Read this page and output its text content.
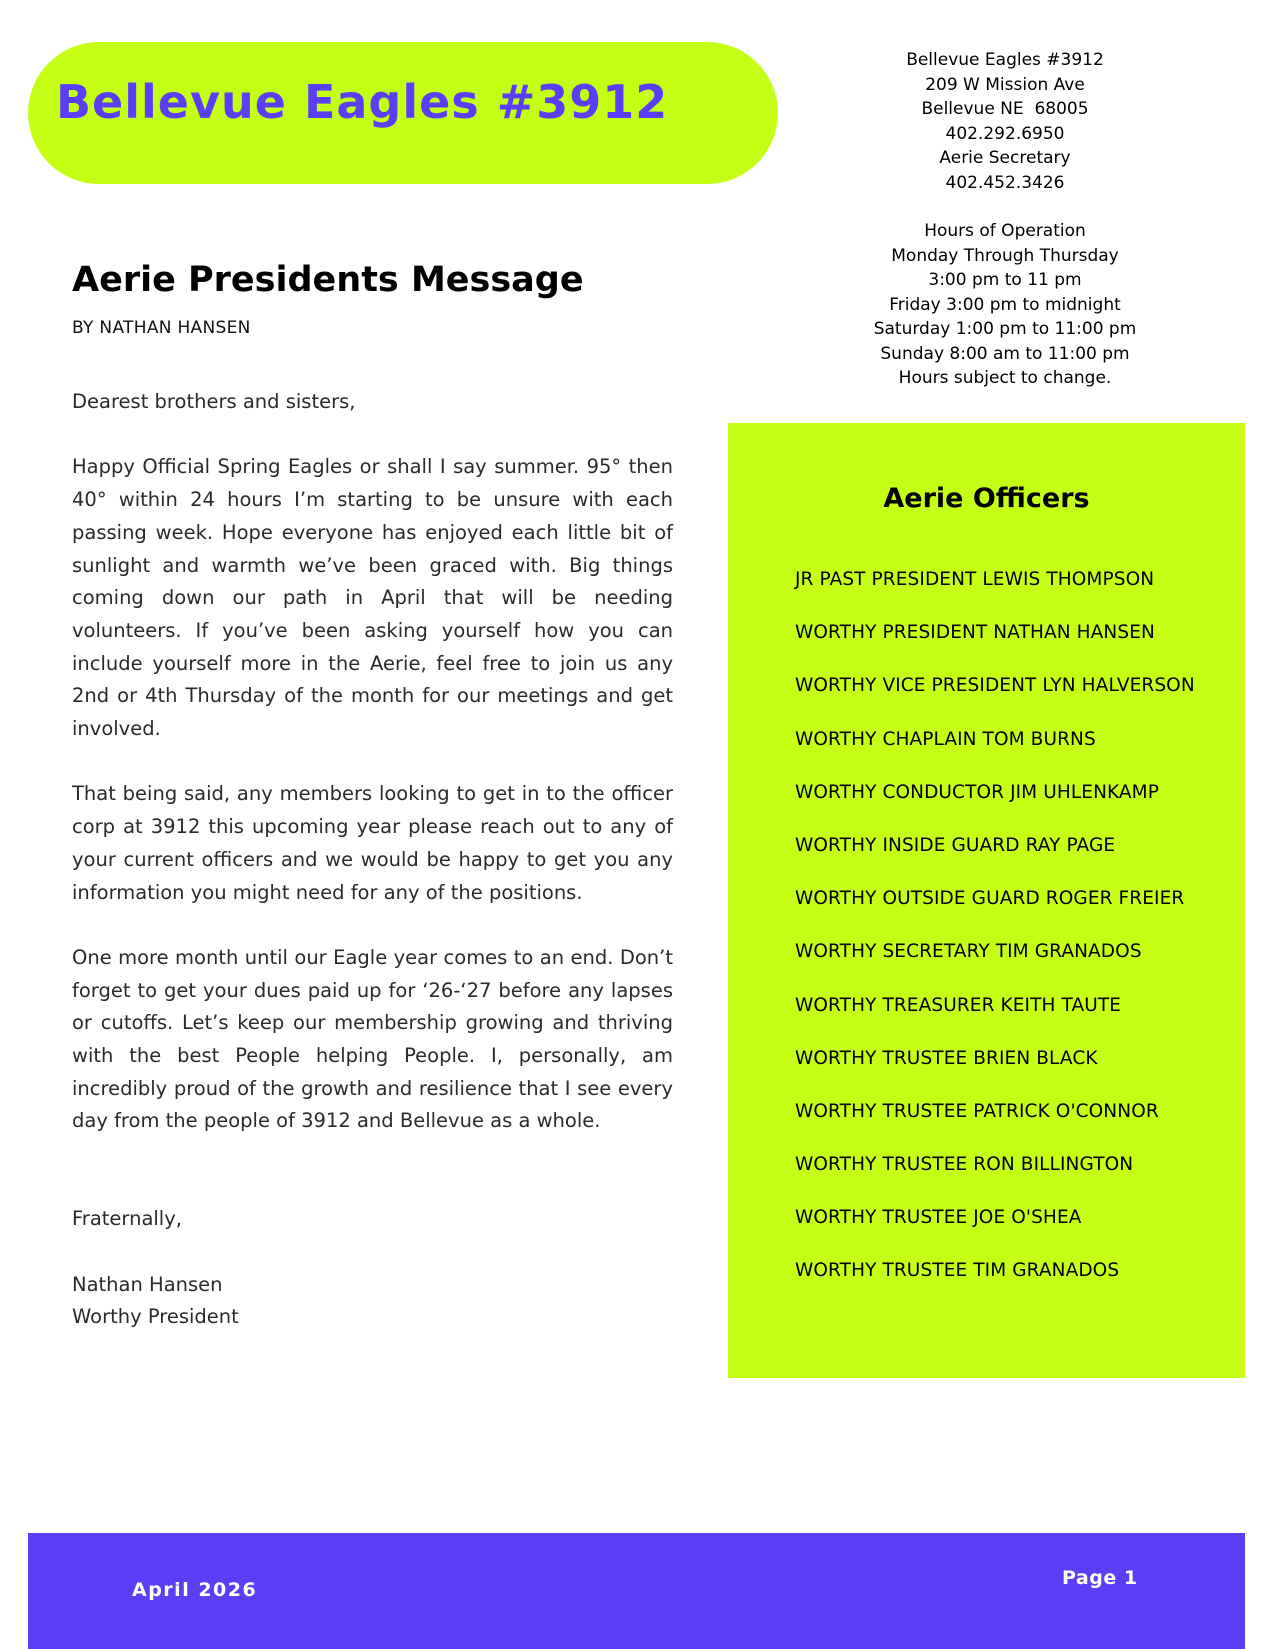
Bellevue Eagles #3912
Bellevue Eagles #3912
209 W Mission Ave
Bellevue NE  68005
402.292.6950
Aerie Secretary
402.452.3426
Hours of Operation
Monday Through Thursday
3:00 pm to 11 pm
Friday 3:00 pm to midnight
Saturday 1:00 pm to 11:00 pm
Sunday 8:00 am to 11:00 pm
Hours subject to change.
Aerie Presidents Message
BY NATHAN HANSEN

Dearest brothers and sisters,

Happy Official Spring Eagles or shall I say summer. 95° then 40° within 24 hours I’m starting to be unsure with each passing week. Hope everyone has enjoyed each little bit of sunlight and warmth we’ve been graced with. Big things coming down our path in April that will be needing volunteers. If you’ve been asking yourself how you can include yourself more in the Aerie, feel free to join us any 2nd or 4th Thursday of the month for our meetings and get involved.

That being said, any members looking to get in to the officer corp at 3912 this upcoming year please reach out to any of your current officers and we would be happy to get you any information you might need for any of the positions.

One more month until our Eagle year comes to an end. Don’t forget to get your dues paid up for ‘26-‘27 before any lapses or cutoffs. Let’s keep our membership growing and thriving with the best People helping People. I, personally, am incredibly proud of the growth and resilience that I see every day from the people of 3912 and Bellevue as a whole.

Fraternally,

Nathan Hansen

Worthy President

Aerie Officers
JR PAST PRESIDENT LEWIS THOMPSON
WORTHY PRESIDENT NATHAN HANSEN
WORTHY VICE PRESIDENT LYN HALVERSON
WORTHY CHAPLAIN TOM BURNS
WORTHY CONDUCTOR JIM UHLENKAMP
WORTHY INSIDE GUARD RAY PAGE
WORTHY OUTSIDE GUARD ROGER FREIER
WORTHY SECRETARY TIM GRANADOS
WORTHY TREASURER KEITH TAUTE
WORTHY TRUSTEE BRIEN BLACK
WORTHY TRUSTEE PATRICK O'CONNOR
WORTHY TRUSTEE RON BILLINGTON
WORTHY TRUSTEE JOE O'SHEA
WORTHY TRUSTEE TIM GRANADOS
April 2026
Page 1
